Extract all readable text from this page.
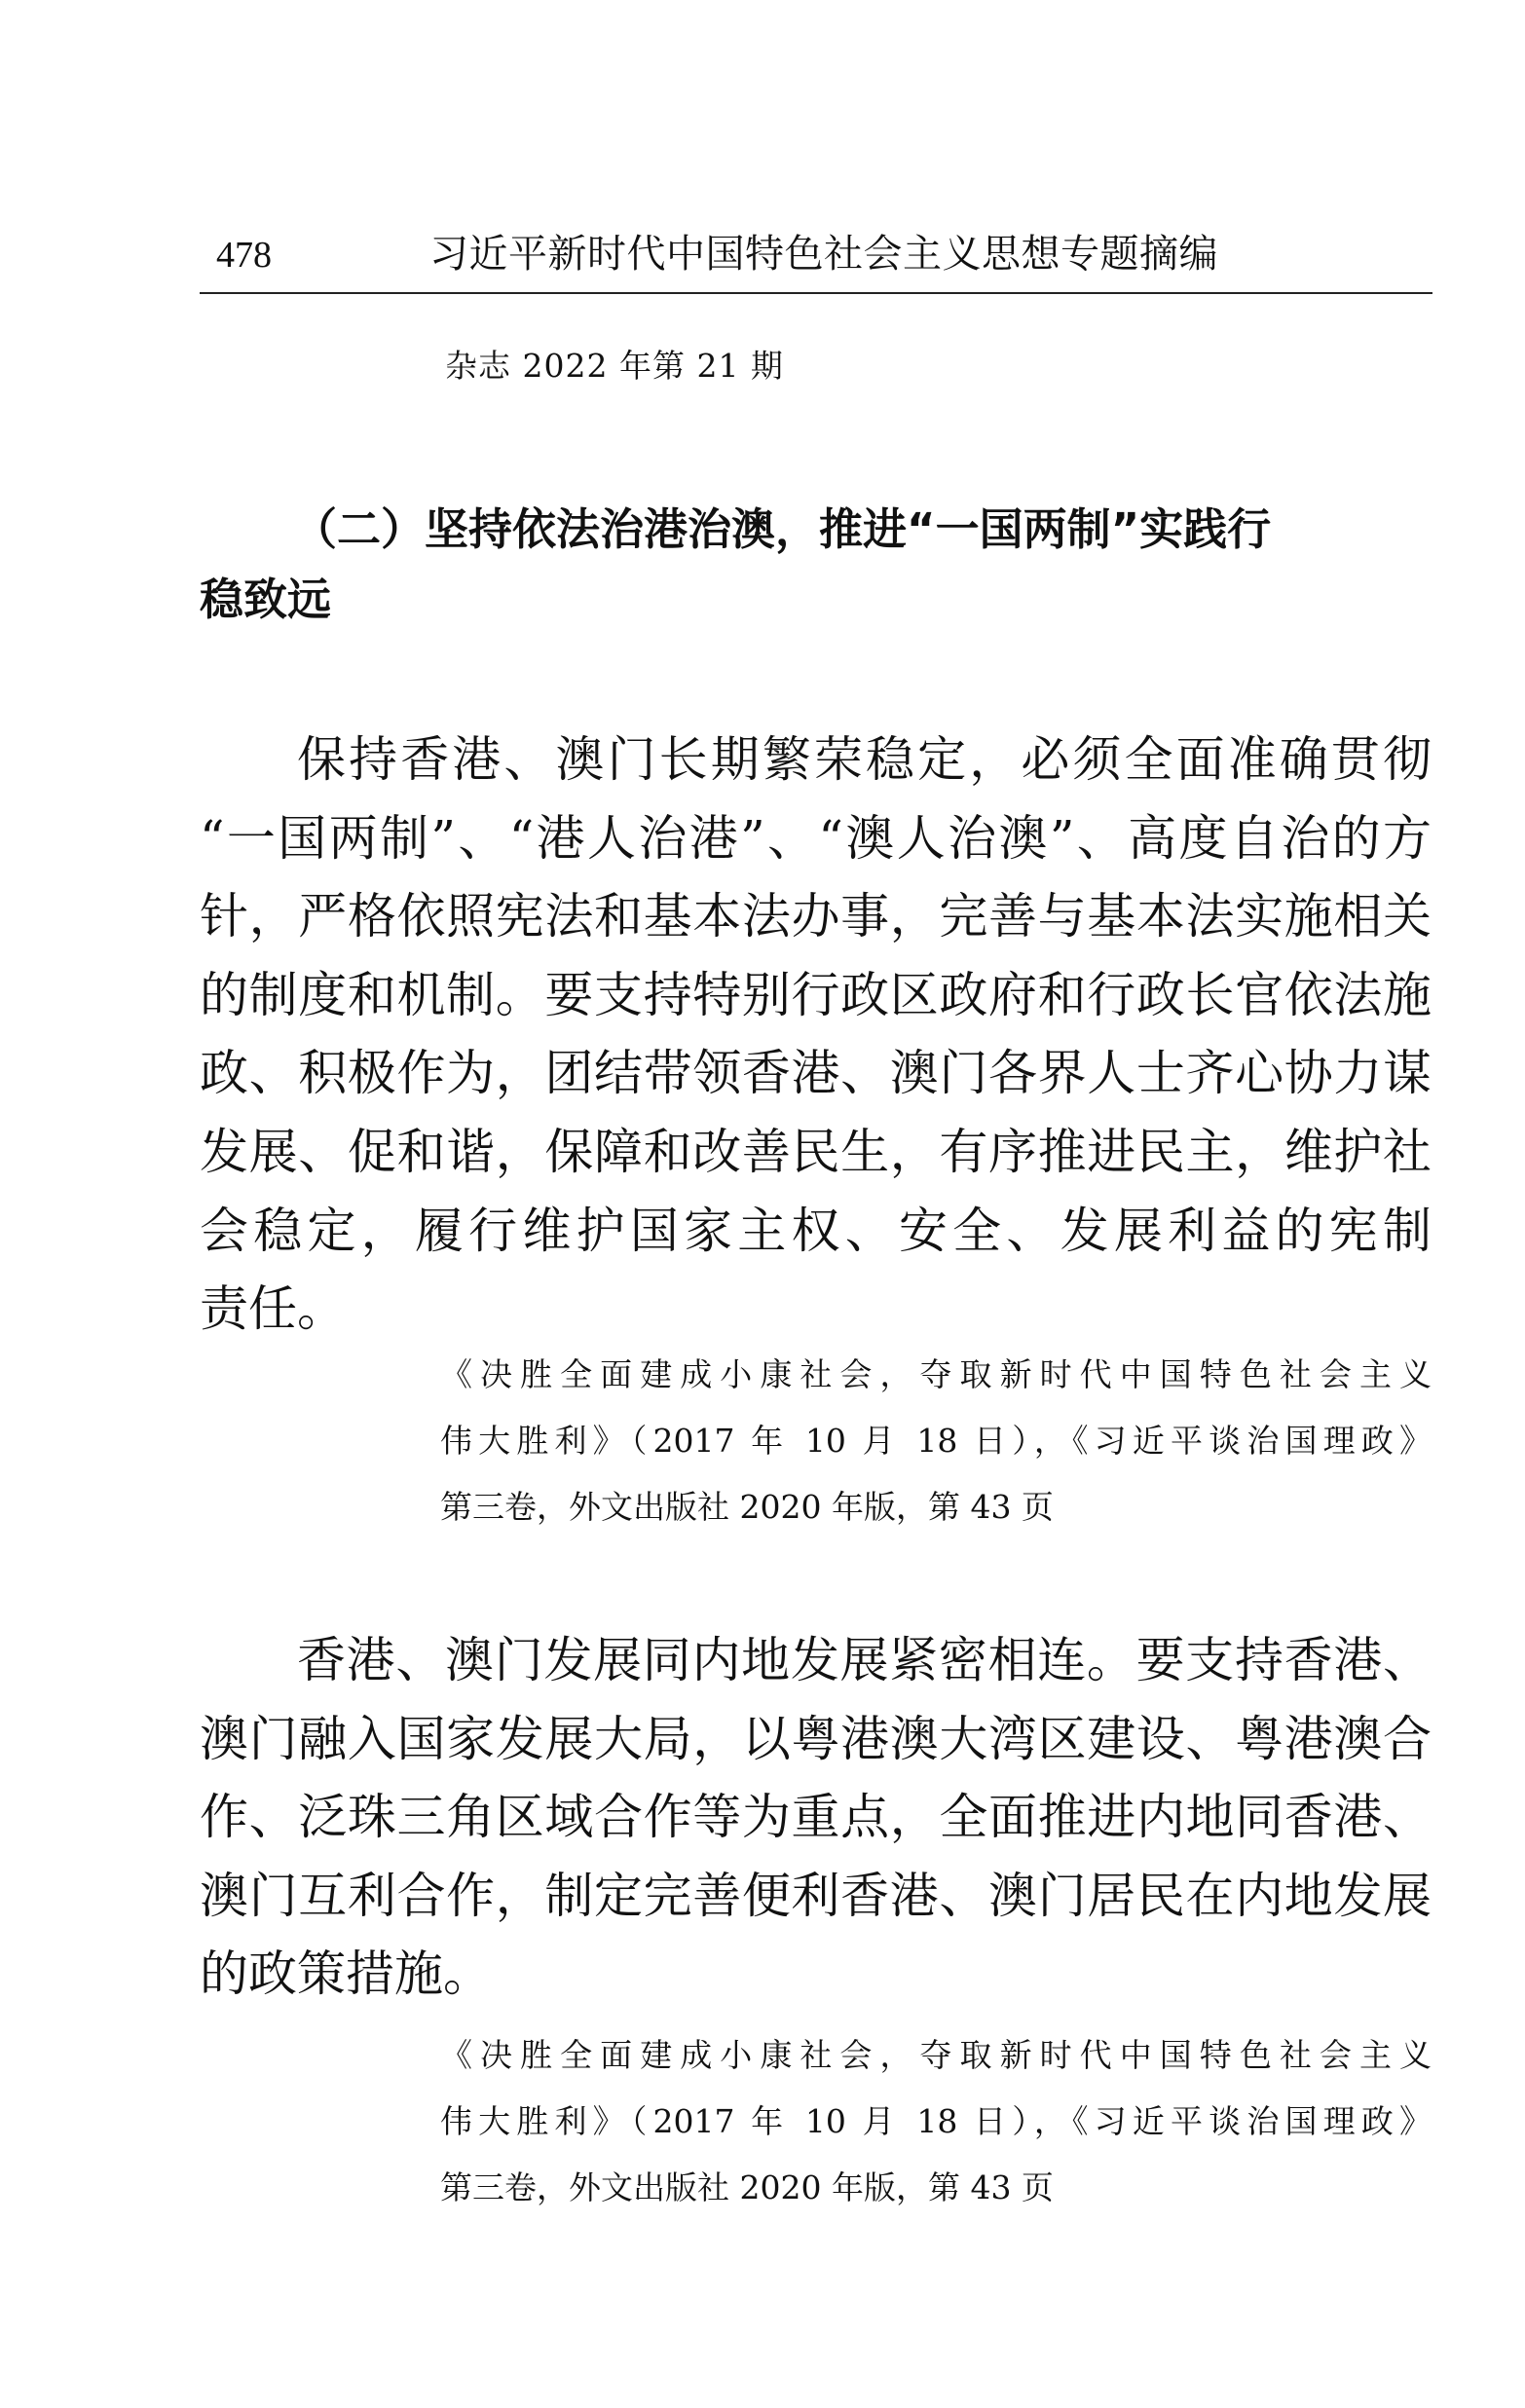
478	习近平新时代中国特色社会主义思想专题摘编
杂志 2022 年第 21 期
（二）坚持依法治港治澳，推进“一国两制”实践行
稳致远
保持香港、澳门长期繁荣稳定，必须全面准确贯彻
“一国两制”、“港人治港”、“澳人治澳”、高度自治的方
针，严格依照宪法和基本法办事，完善与基本法实施相关
的制度和机制。要支持特别行政区政府和行政长官依法施
政、积极作为，团结带领香港、澳门各界人士齐心协力谋
发展、促和谐，保障和改善民生，有序推进民主，维护社
会稳定，履行维护国家主权、安全、发展利益的宪制
责任。
《决胜全面建成小康社会，夺取新时代中国特色社会主义
伟大胜利》（2017 年 10 月 18 日），《习近平谈治国理政》
第三卷，外文出版社 2020 年版，第 43 页
香港、澳门发展同内地发展紧密相连。要支持香港、
澳门融入国家发展大局，以粤港澳大湾区建设、粤港澳合
作、泛珠三角区域合作等为重点，全面推进内地同香港、
澳门互利合作，制定完善便利香港、澳门居民在内地发展
的政策措施。
《决胜全面建成小康社会，夺取新时代中国特色社会主义
伟大胜利》（2017 年 10 月 18 日），《习近平谈治国理政》
第三卷，外文出版社 2020 年版，第 43 页
